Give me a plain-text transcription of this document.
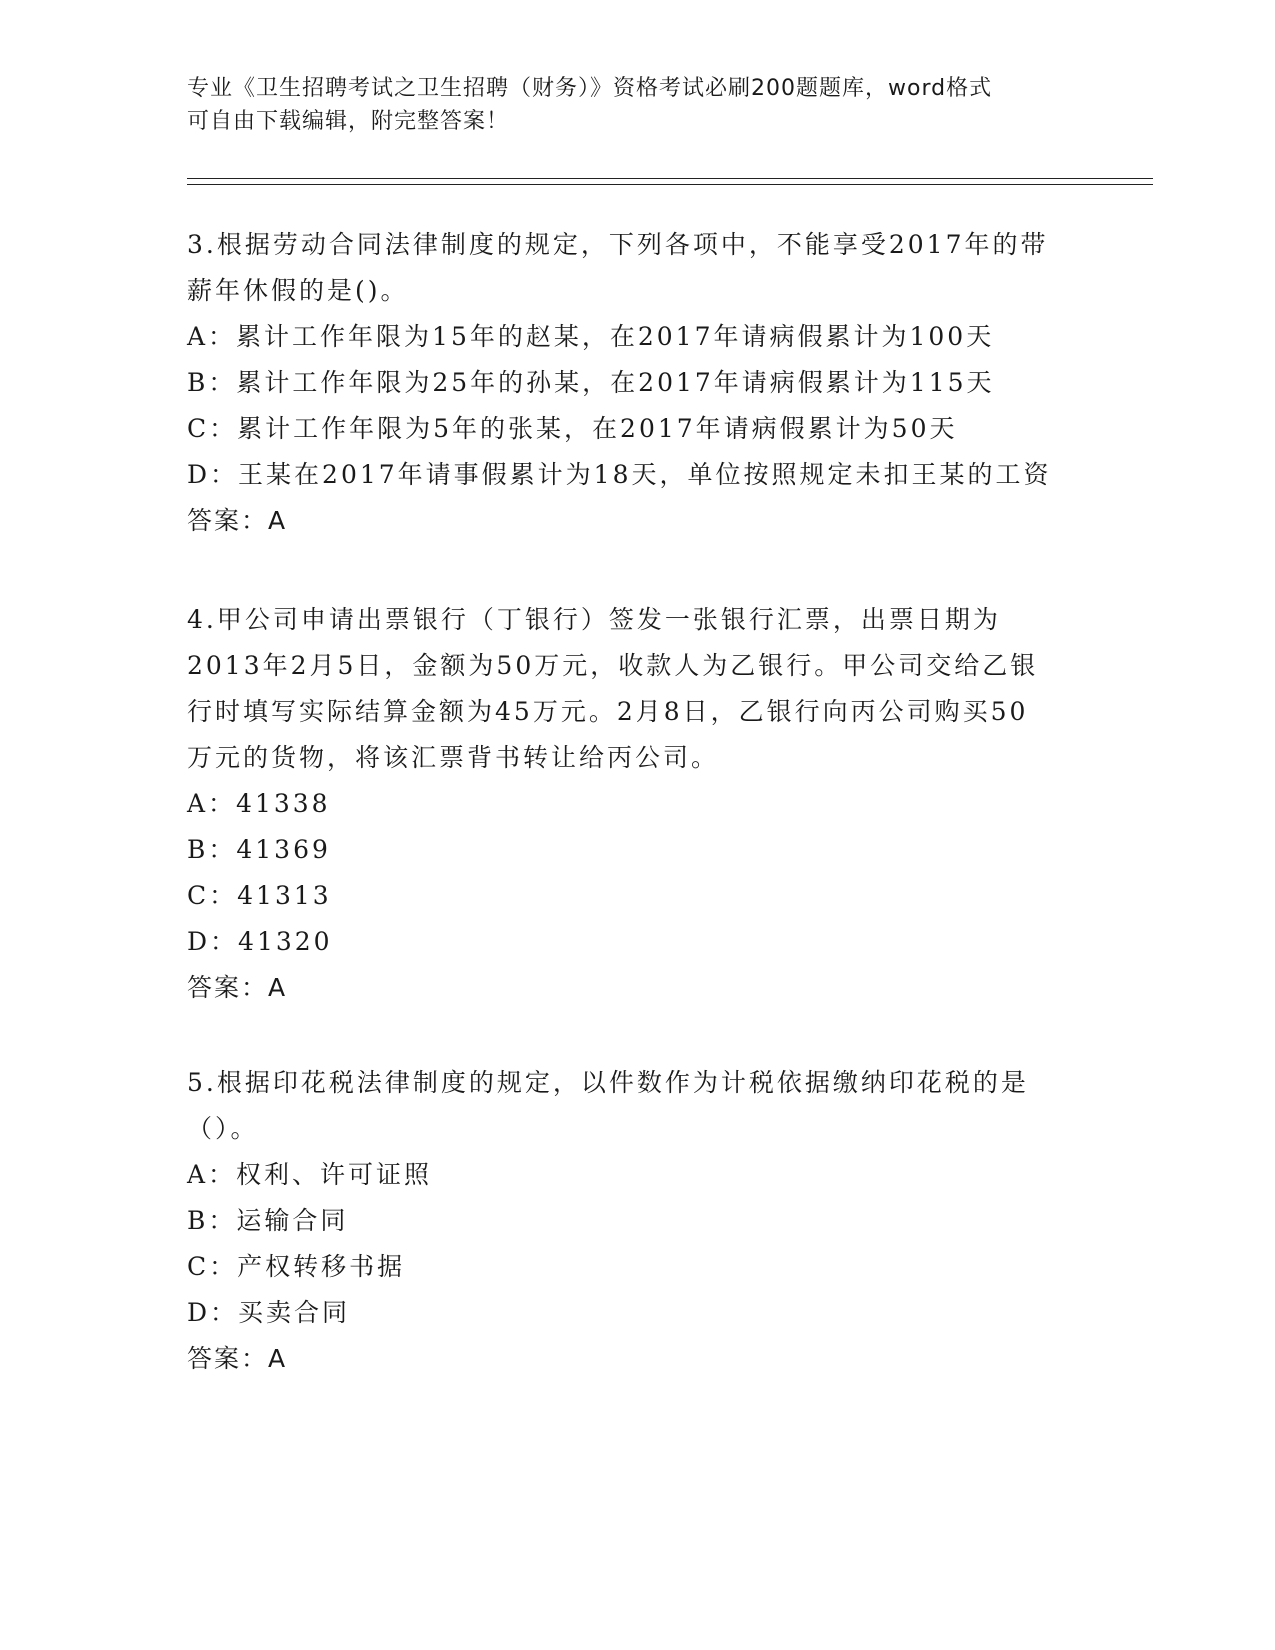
专业《卫生招聘考试之卫生招聘（财务）》资格考试必刷200题题库，word格式
可自由下载编辑，附完整答案！
3.根据劳动合同法律制度的规定，下列各项中，不能享受2017年的带
薪年休假的是()。
A：累计工作年限为15年的赵某，在2017年请病假累计为100天
B：累计工作年限为25年的孙某，在2017年请病假累计为115天
C：累计工作年限为5年的张某，在2017年请病假累计为50天
D：王某在2017年请事假累计为18天，单位按照规定未扣王某的工资
答案：A
4.甲公司申请出票银行（丁银行）签发一张银行汇票，出票日期为
2013年2月5日，金额为50万元，收款人为乙银行。甲公司交给乙银
行时填写实际结算金额为45万元。2月8日，乙银行向丙公司购买50
万元的货物，将该汇票背书转让给丙公司。
A：41338
B：41369
C：41313
D：41320
答案：A
5.根据印花税法律制度的规定，以件数作为计税依据缴纳印花税的是
（）。
A：权利、许可证照
B：运输合同
C：产权转移书据
D：买卖合同
答案：A
